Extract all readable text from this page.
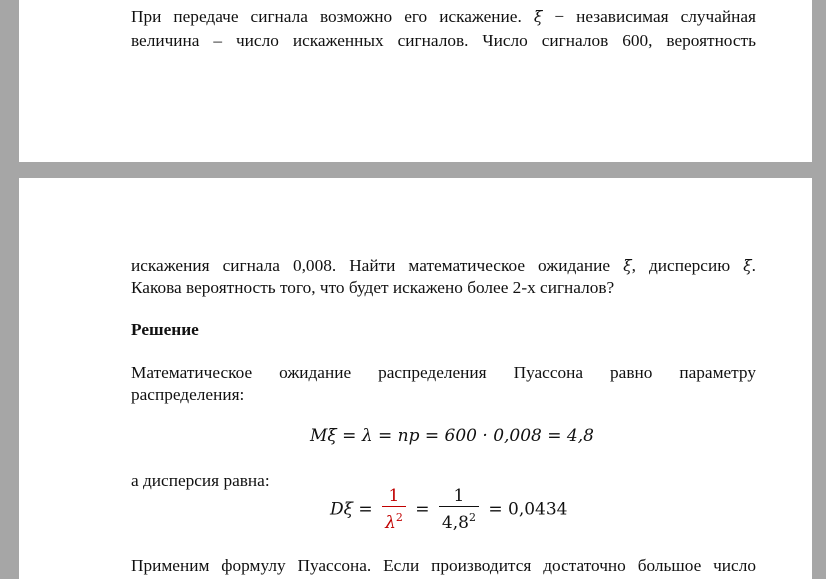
При передаче сигнала возможно его искажение. ξ − независимая случайная
величина – число искаженных сигналов. Число сигналов 600, вероятность
искажения сигнала 0,008. Найти математическое ожидание ξ, дисперсию ξ.
Какова вероятность того, что будет искажено более 2-х сигналов?
Решение
Математическое ожидание распределения Пуассона равно параметру
распределения:
Mξ = λ = np = 600 · 0,008 = 4,8
а дисперсия равна:
$D\xi = \frac{1}{\lambda^2} = \frac{1}{4,8^2} = 0,0434$
Применим формулу Пуассона. Если производится достаточно большое число
